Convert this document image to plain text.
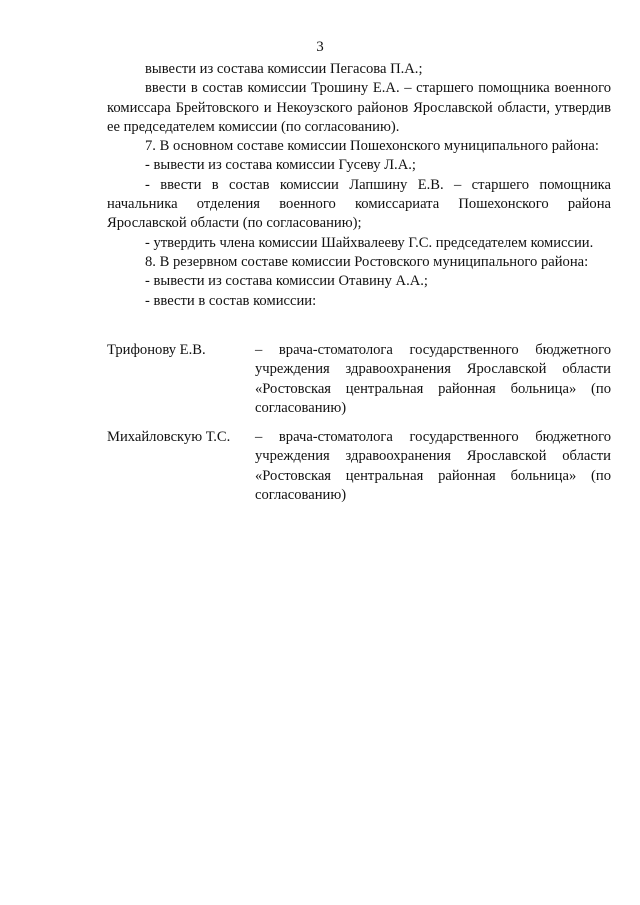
3

вывести из состава комиссии Пегасова П.А.;

ввести в состав комиссии Трошину Е.А. – старшего помощника военного комиссара Брейтовского и Некоузского районов Ярославской области, утвердив ее председателем комиссии (по согласованию).

7. В основном составе комиссии Пошехонского муниципального района:

- вывести из состава комиссии Гусеву Л.А.;

- ввести в состав комиссии Лапшину Е.В. – старшего помощника начальника отделения военного комиссариата Пошехонского района Ярославской области (по согласованию);

- утвердить члена комиссии Шайхвалееву Г.С. председателем комиссии.

8. В резервном составе комиссии Ростовского муниципального района:

- вывести из состава комиссии Отавину А.А.;

- ввести в состав комиссии:

Трифонову Е.В.	– врача-стоматолога государственного бюджетного учреждения здравоохранения Ярославской области «Ростовская центральная районная больница» (по согласованию)
Михайловскую Т.С.	– врача-стоматолога государственного бюджетного учреждения здравоохранения Ярославской области «Ростовская центральная районная больница» (по согласованию)
